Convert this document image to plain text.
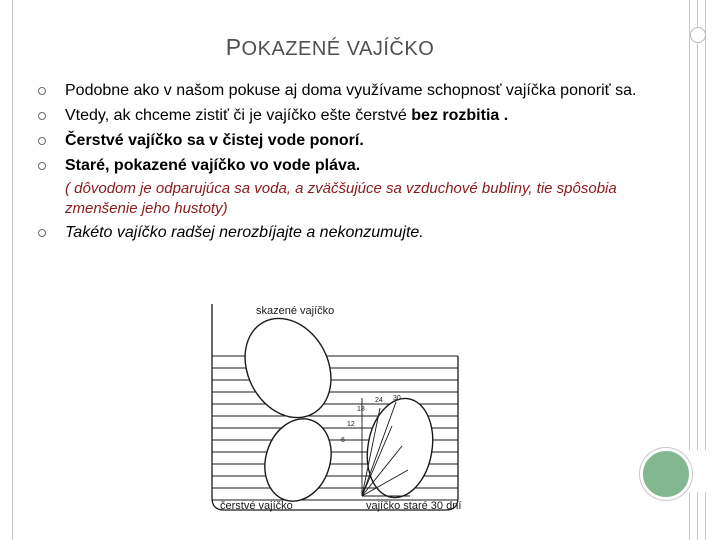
POKAZENÉ VAJÍČKO
Podobne ako v našom pokuse aj doma využívame schopnosť vajíčka ponoriť sa.
Vtedy, ak chceme zistiť či je vajíčko ešte čerstvé bez rozbitia .
Čerstvé vajíčko sa v čistej vode ponorí.
Staré, pokazené vajíčko vo vode pláva.
( dôvodom je odparujúca sa voda, a zväčšujúce sa vzduchové bubliny, tie spôsobia zmenšenie jeho hustoty)
Takéto vajíčko radšej nerozbíjajte a nekonzumujte.
skazené vajíčko
čerstvé vajíčko	vajíčko staré 30 dní
24 30
18
12
6
